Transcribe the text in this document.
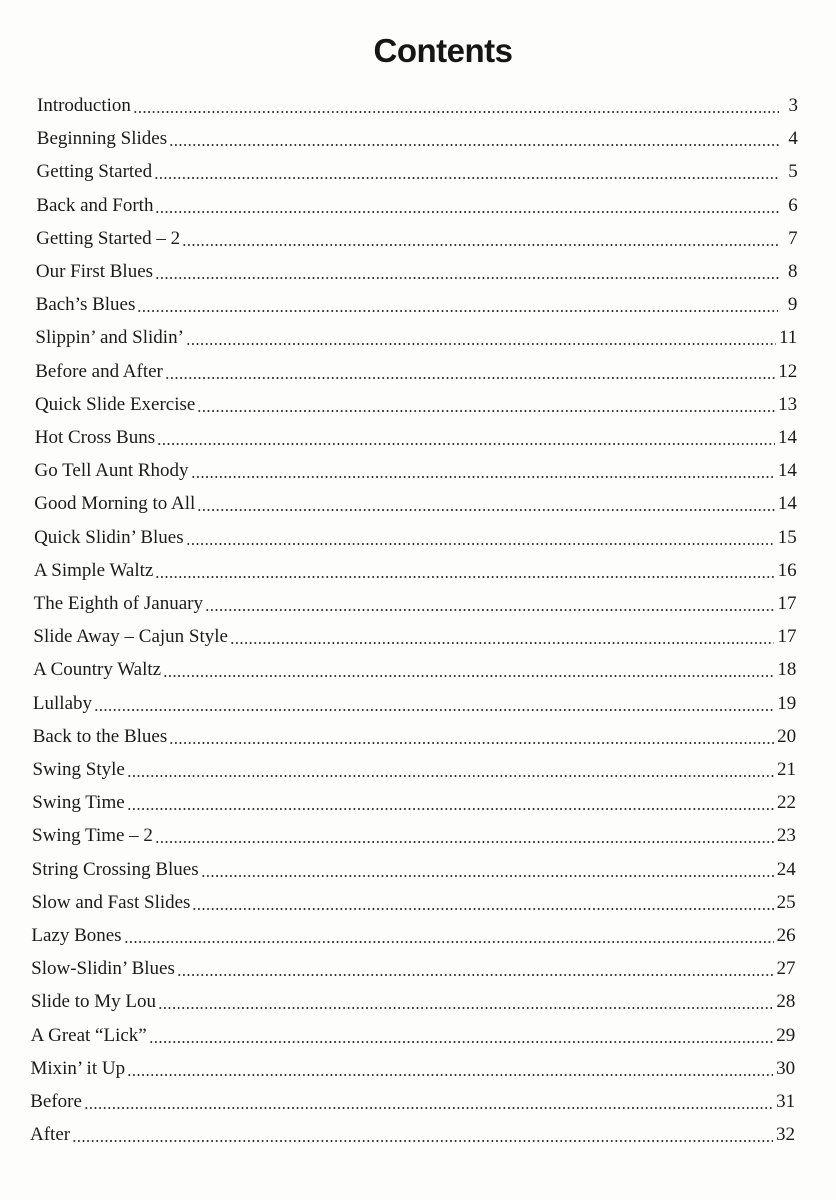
Contents
Introduction	3
Beginning Slides	4
Getting Started	5
Back and Forth	6
Getting Started – 2	7
Our First Blues	8
Bach’s Blues	9
Slippin’ and Slidin’	11
Before and After	12
Quick Slide Exercise	13
Hot Cross Buns	14
Go Tell Aunt Rhody	14
Good Morning to All	14
Quick Slidin’ Blues	15
A Simple Waltz	16
The Eighth of January	17
Slide Away – Cajun Style	17
A Country Waltz	18
Lullaby	19
Back to the Blues	20
Swing Style	21
Swing Time	22
Swing Time – 2	23
String Crossing Blues	24
Slow and Fast Slides	25
Lazy Bones	26
Slow-Slidin’ Blues	27
Slide to My Lou	28
A Great “Lick”	29
Mixin’ it Up	30
Before	31
After	32
